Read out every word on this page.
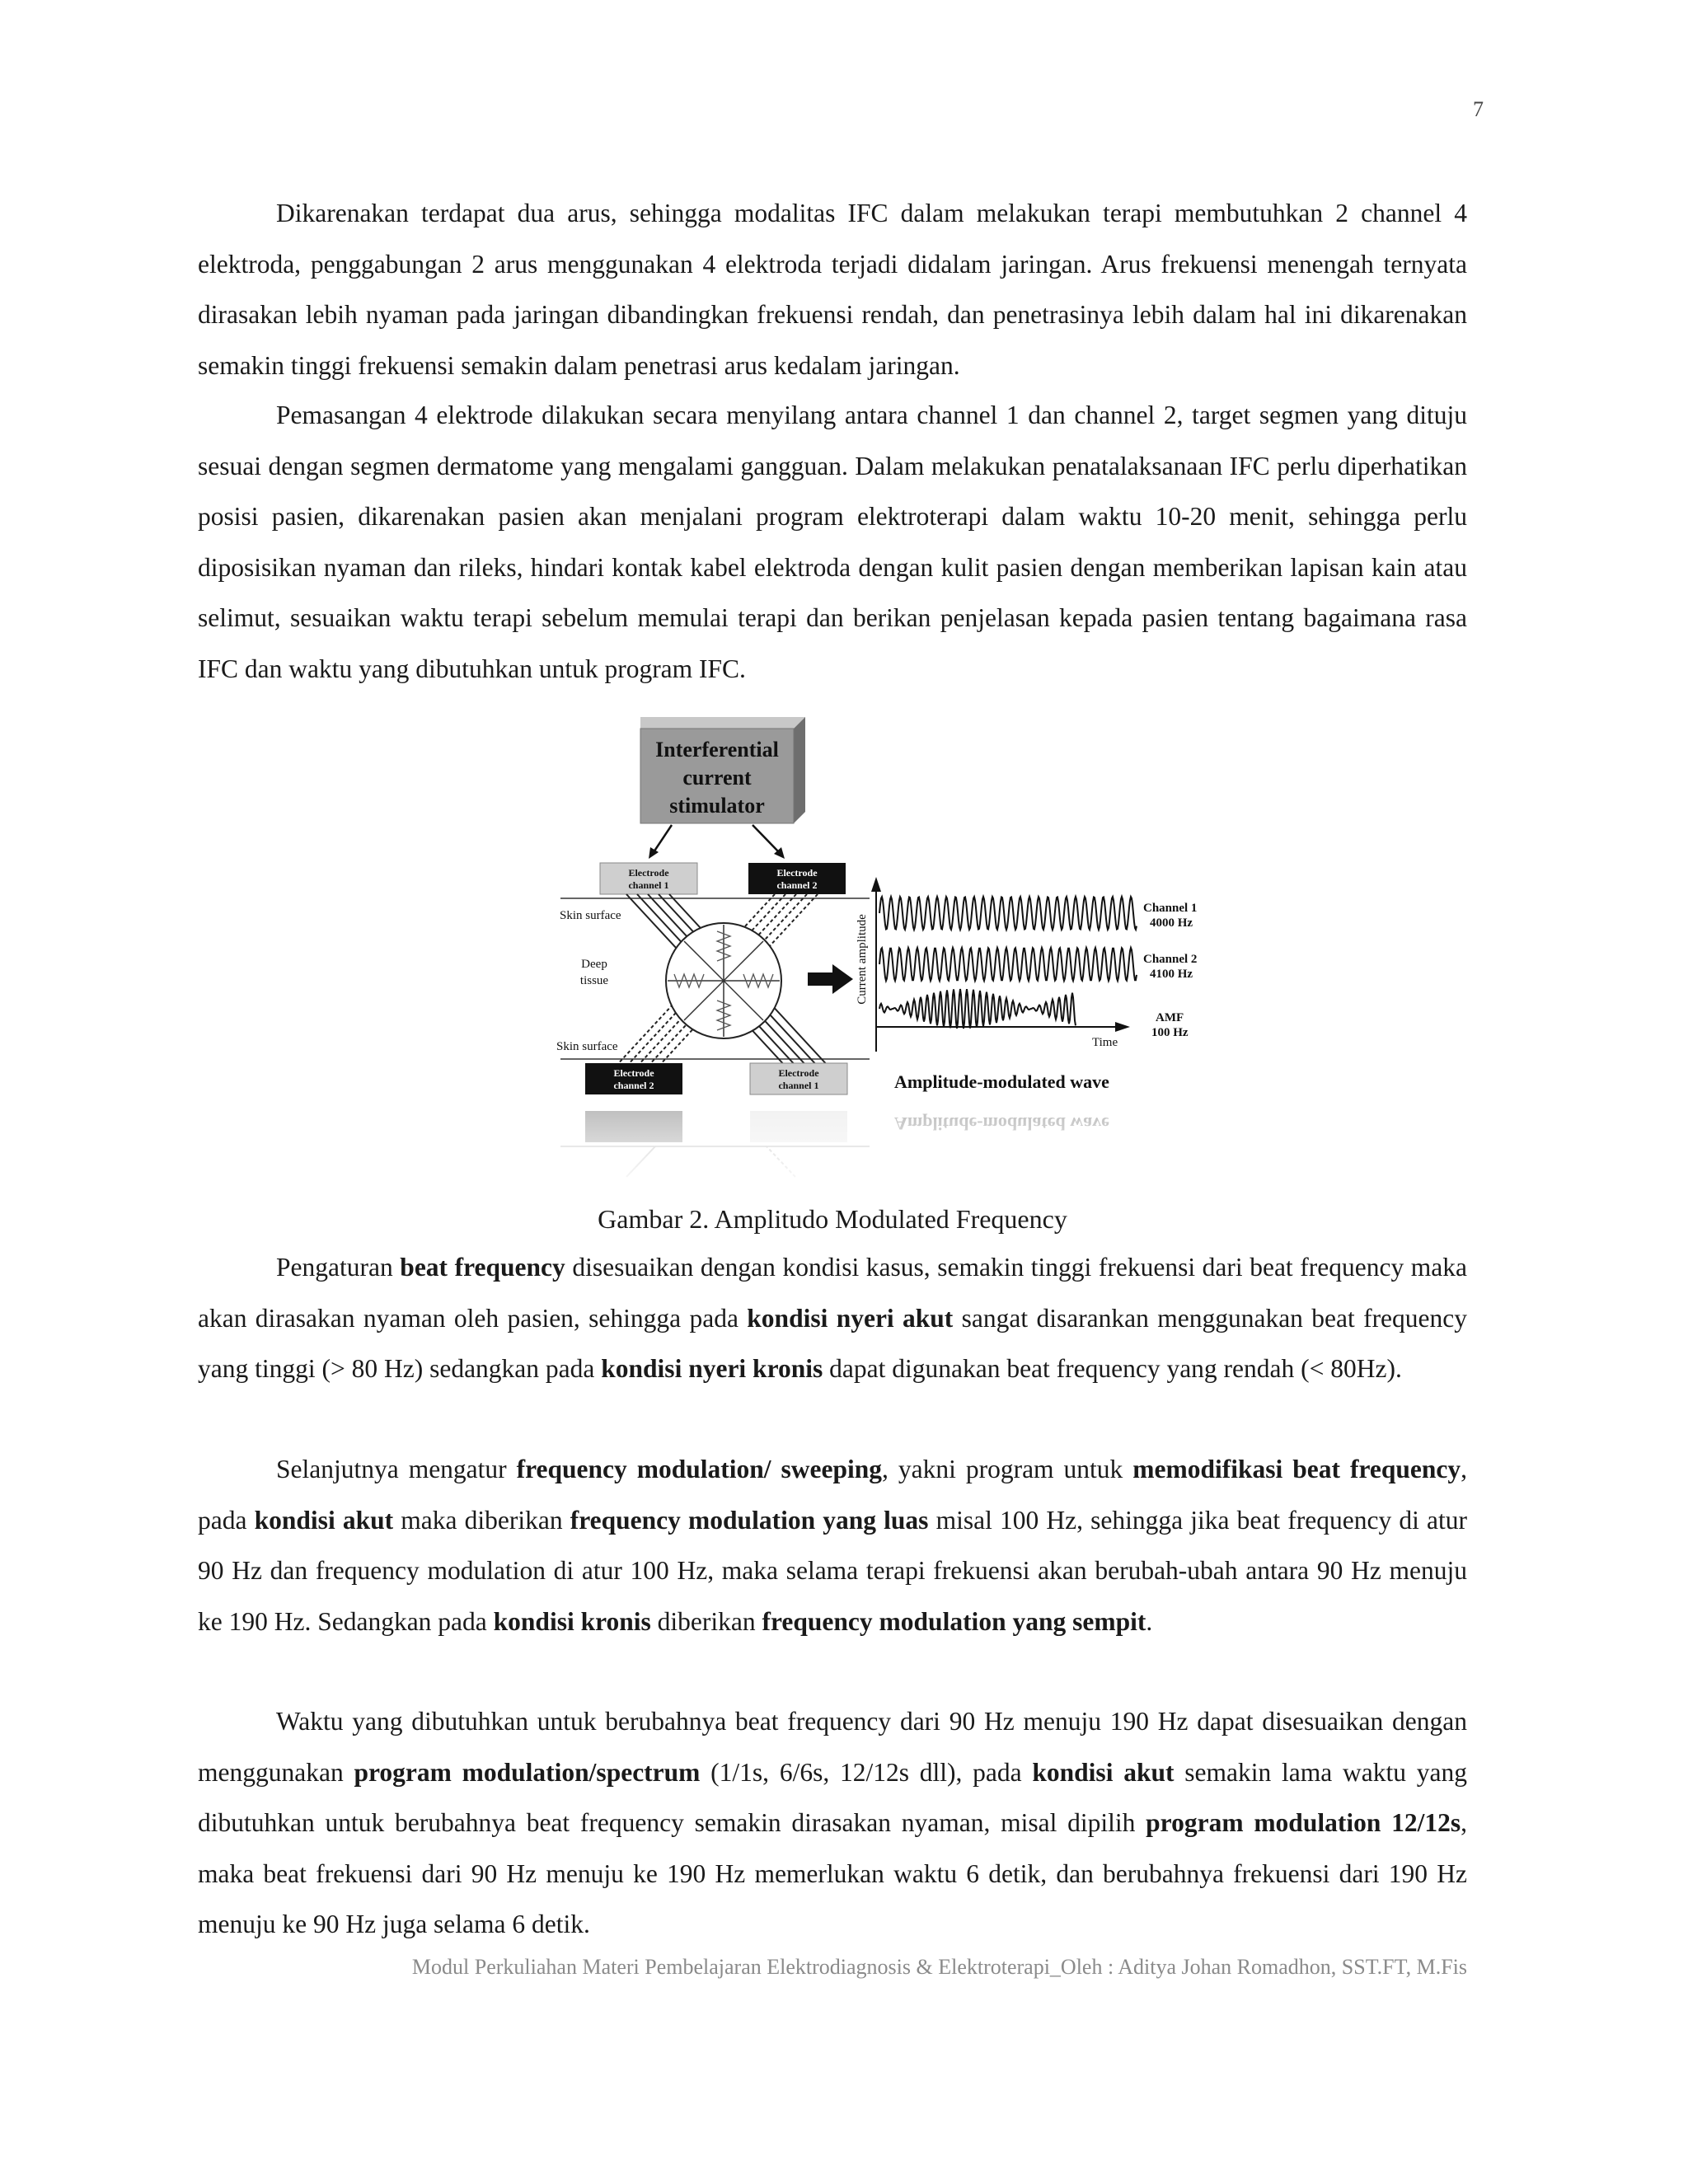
7

Dikarenakan terdapat dua arus, sehingga modalitas IFC dalam melakukan terapi membutuhkan 2 channel 4 elektroda, penggabungan 2 arus menggunakan 4 elektroda terjadi didalam jaringan. Arus frekuensi menengah ternyata dirasakan lebih nyaman pada jaringan dibandingkan frekuensi rendah, dan penetrasinya lebih dalam hal ini dikarenakan semakin tinggi frekuensi semakin dalam penetrasi arus kedalam jaringan.

Pemasangan 4 elektrode dilakukan secara menyilang antara channel 1 dan channel 2, target segmen yang dituju sesuai dengan segmen dermatome yang mengalami gangguan. Dalam melakukan penatalaksanaan IFC perlu diperhatikan posisi pasien, dikarenakan pasien akan menjalani program elektroterapi dalam waktu 10-20 menit, sehingga perlu diposisikan nyaman dan rileks, hindari kontak kabel elektroda dengan kulit pasien dengan memberikan lapisan kain atau selimut, sesuaikan waktu terapi sebelum memulai terapi dan berikan penjelasan kepada pasien tentang bagaimana rasa IFC dan waktu yang dibutuhkan untuk program IFC.

Interferential
current
stimulator
Electrode
channel 1
Electrode
channel 2
Skin surface
Deep
tissue
Skin surface
Electrode
channel 2
Electrode
channel 1
Current amplitude
Time
Channel 1
4000 Hz
Channel 2
4100 Hz
AMF
100 Hz
Amplitude-modulated wave
Gambar 2. Amplitudo Modulated Frequency

Pengaturan beat frequency disesuaikan dengan kondisi kasus, semakin tinggi frekuensi dari beat frequency maka akan dirasakan nyaman oleh pasien, sehingga pada kondisi nyeri akut sangat disarankan menggunakan beat frequency yang tinggi (> 80 Hz) sedangkan pada kondisi nyeri kronis dapat digunakan beat frequency yang rendah (< 80Hz).

Selanjutnya mengatur frequency modulation/ sweeping, yakni program untuk memodifikasi beat frequency, pada kondisi akut maka diberikan frequency modulation yang luas misal 100 Hz, sehingga jika beat frequency di atur 90 Hz dan frequency modulation di atur 100 Hz, maka selama terapi frekuensi akan berubah-ubah antara 90 Hz menuju ke 190 Hz. Sedangkan pada kondisi kronis diberikan frequency modulation yang sempit.

Waktu yang dibutuhkan untuk berubahnya beat frequency dari 90 Hz menuju 190 Hz dapat disesuaikan dengan menggunakan program modulation/spectrum (1/1s, 6/6s, 12/12s dll), pada kondisi akut semakin lama waktu yang dibutuhkan untuk berubahnya beat frequency semakin dirasakan nyaman, misal dipilih program modulation 12/12s, maka beat frekuensi dari 90 Hz menuju ke 190 Hz memerlukan waktu 6 detik, dan berubahnya frekuensi dari 190 Hz menuju ke 90 Hz juga selama 6 detik.

Modul Perkuliahan Materi Pembelajaran Elektrodiagnosis & Elektroterapi_Oleh : Aditya Johan Romadhon, SST.FT, M.Fis
